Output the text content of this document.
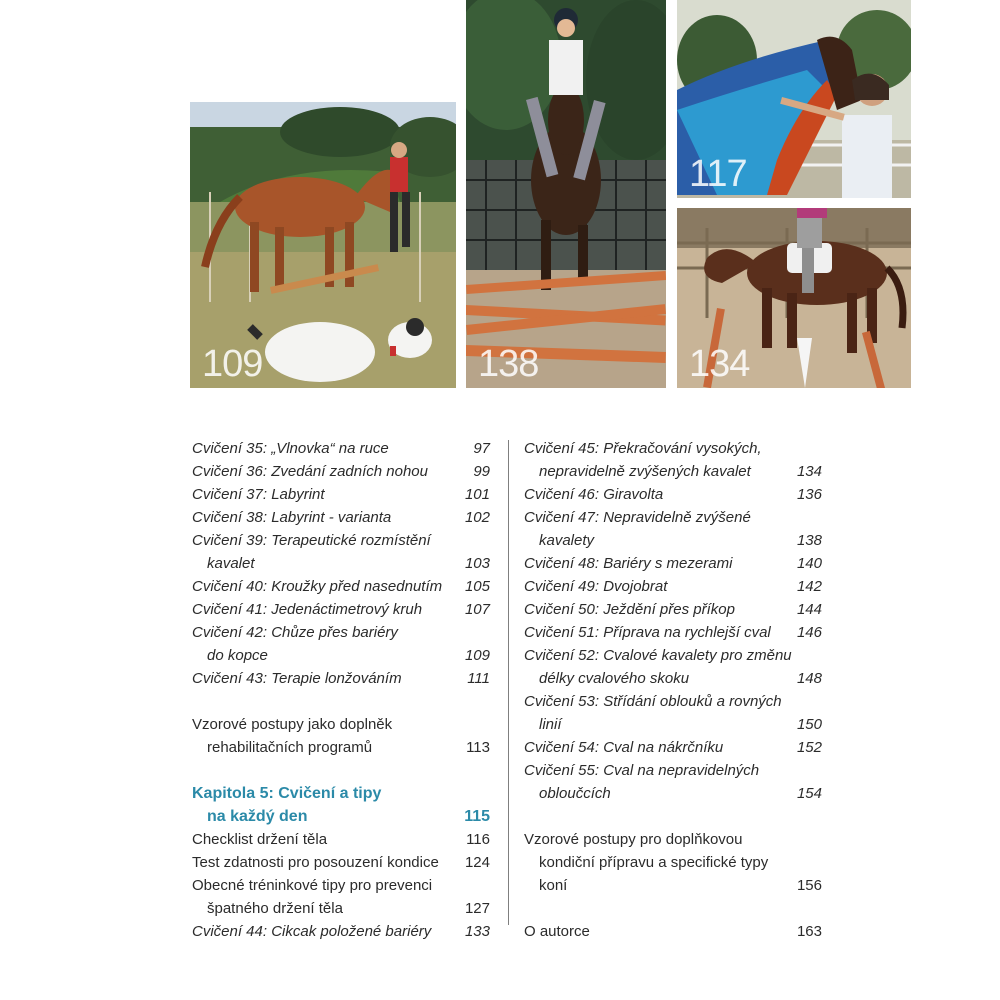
109	138
117
134
Cvičení 35: „Vlnovka“ na ruce	97
Cvičení 36: Zvedání zadních nohou	99
Cvičení 37: Labyrint	101
Cvičení 38: Labyrint - varianta	102
Cvičení 39: Terapeutické rozmístění
kavalet	103
Cvičení 40: Kroužky před nasednutím 105
Cvičení 41: Jedenáctimetrový kruh	107
Cvičení 42: Chůze přes bariéry
do kopce	109
Cvičení 43: Terapie lonžováním	111
Vzorové postupy jako doplněk
rehabilitačních programů	113
Kapitola 5: Cvičení a tipy
na každý den	115
Checklist držení těla	116
Test zdatnosti pro posouzení kondice 124
Obecné tréninkové tipy pro prevenci
špatného držení těla	127
Cvičení 44: Cikcak položené bariéry 133
Cvičení 45: Překračování vysokých,
nepravidelně zvýšených kavalet	134
Cvičení 46: Giravolta	136
Cvičení 47: Nepravidelně zvýšené
kavalety	138
Cvičení 48: Bariéry s mezerami	140
Cvičení 49: Dvojobrat	142
Cvičení 50: Ježdění přes příkop	144
Cvičení 51: Příprava na rychlejší cval 146
Cvičení 52: Cvalové kavalety pro změnu
délky cvalového skoku	148
Cvičení 53: Střídání oblouků a rovných
linií	150
Cvičení 54: Cval na nákrčníku	152
Cvičení 55: Cval na nepravidelných
obloučcích	154
Vzorové postupy pro doplňkovou
kondiční přípravu a specifické typy
koní	156
O autorce	163
